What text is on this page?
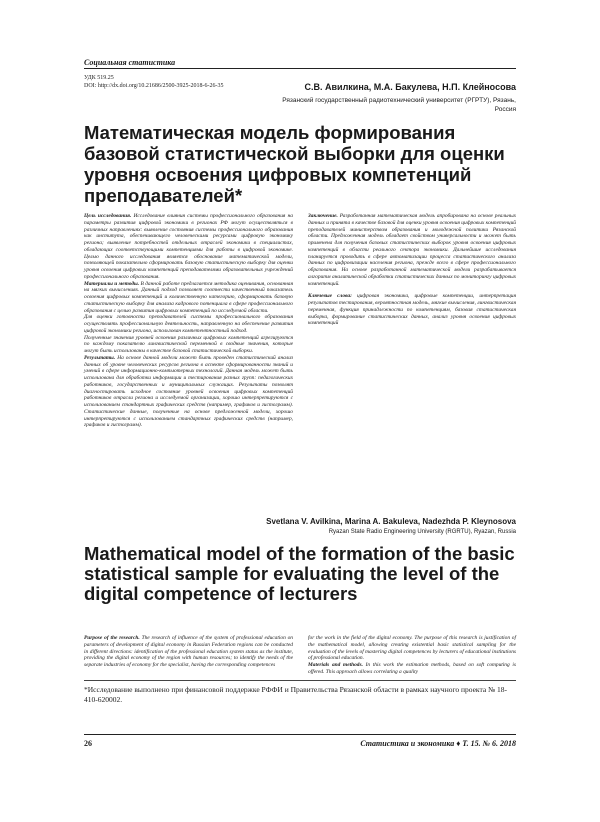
Социальная статистика
УДК 519.25
DOI: http://dx.doi.org/10.21686/2500-3925-2018-6-26-35	С.В. Авилкина, М.А. Бакулева, Н.П. Клейносова
Рязанский государственный радиотехнический университет (РГРТУ), Рязань, Россия
Математическая модель формирования базовой статистической выборки для оценки уровня освоения цифровых компетенций преподавателей*

Цель исследования. Исследование влияния системы профессионального образования на параметры развития цифровой экономики в регионах РФ могут осуществляться в различных направлениях: выявление состояния системы профессионального образования как института, обеспечивающего человеческими ресурсами цифровую экономику региона; выявление потребностей отдельных отраслей экономики в специалистах, обладающих соответствующими компетенциями для работы в цифровой экономике. Целью данного исследования является обоснование математической модели, позволяющей показательно сформировать базовую статистическую выборку для оценки уровня освоения цифровых компетенций преподавателями образовательных учреждений профессионального образования.

Материалы и методы. В данной работе предлагается методика оценивания, основанная на мягких вычислениях. Данный подход позволяет соотнести качественный показатель освоения цифровых компетенций и количественную категорию, сформировать базовую статистическую выборку для анализа кадрового потенциала в сфере профессионального образования с целью развития цифровых компетенций по исследуемой области.

Для оценки готовности преподавателей системы профессионального образования осуществлять профессиональную деятельность, направленную на обеспечение развития цифровой экономики региона, использован компетентностный подход.

Полученные значения уровней освоения различных цифровых компетенций агрегируются по каждому показателю лингвистической переменной в сводные значения, которые могут быть использованы в качестве базовой статистической выборки.

Результаты. На основе данной модели может быть проведен статистический анализ данных об уровне человеческих ресурсов региона в аспекте сформированности знаний и умений в сфере информационно-компьютерных технологий. Данная модель может быть использована для обработки информации и тестирования разных групп: педагогических работников, государственных и муниципальных служащих. Результаты позволят диагностировать исходное состояние уровней освоения цифровых компетенций работников отрасли региона и исследуемой организации, хорошо интерпретируются с использованием стандартных графических средств (например, графиков и гистограмм). Статистические данные, полученные на основе предложенной модели, хорошо интерпретируются с использованием стандартных графических средств (например, графиков и гистограмм).

Заключение. Разработанная математическая модель апробирована на основе реальных данных и принята в качестве базовой для оценки уровня освоения цифровых компетенций преподавателей министерством образования и молодежной политики Рязанской области. Предложенная модель обладает свойством универсальности и может быть применена для получения базовых статистических выборок уровня освоения цифровых компетенций в области реального сектора экономики. Дальнейшие исследования планируется проводить в сфере автоматизации процесса статистического анализа данных по цифровизации населения региона, прежде всего в сфере профессионального образования. На основе разработанной математической модели разрабатывается алгоритм аналитической обработки статистических данных по мониторингу цифровых компетенций.

Ключевые слова: цифровая экономика, цифровые компетенции, интерпретация результатов тестирования, вероятностная модель, мягкие вычисления, лингвистическая переменная, функция принадлежности по компетенциям, базовая статистическая выборка, формирование статистических данных, анализ уровня освоения цифровых компетенций

Svetlana V. Avilkina, Marina A. Bakuleva, Nadezhda P. Kleynosova
Ryazan State Radio Engineering University (RGRTU), Ryazan, Russia
Mathematical model of the formation of the basic statistical sample for evaluating the level of the digital competence of lecturers

Purpose of the research. The research of influence of the system of professional education on parameters of development of digital economy in Russian Federation regions can be conducted in different directions: identification of the professional education system status as the institute, providing the digital economy of the region with human resources; to identify the needs of the separate industries of economy for the specialist, having the corresponding competences

for the work in the field of the digital economy. The purpose of this research is justification of the mathematical model, allowing creating existential basic statistical sampling for the evaluation of the levels of mastering digital competences by lecturers of educational institutions of professional education.

Materials and methods. In this work the estimation methods, based on soft computing is offered. This approach allows correlating a quality

*Исследование выполнено при финансовой поддержке РФФИ и Правительства Рязанской области в рамках научного проекта № 18-410-620002.
26	Статистика и экономика ♦ Т. 15. № 6. 2018
